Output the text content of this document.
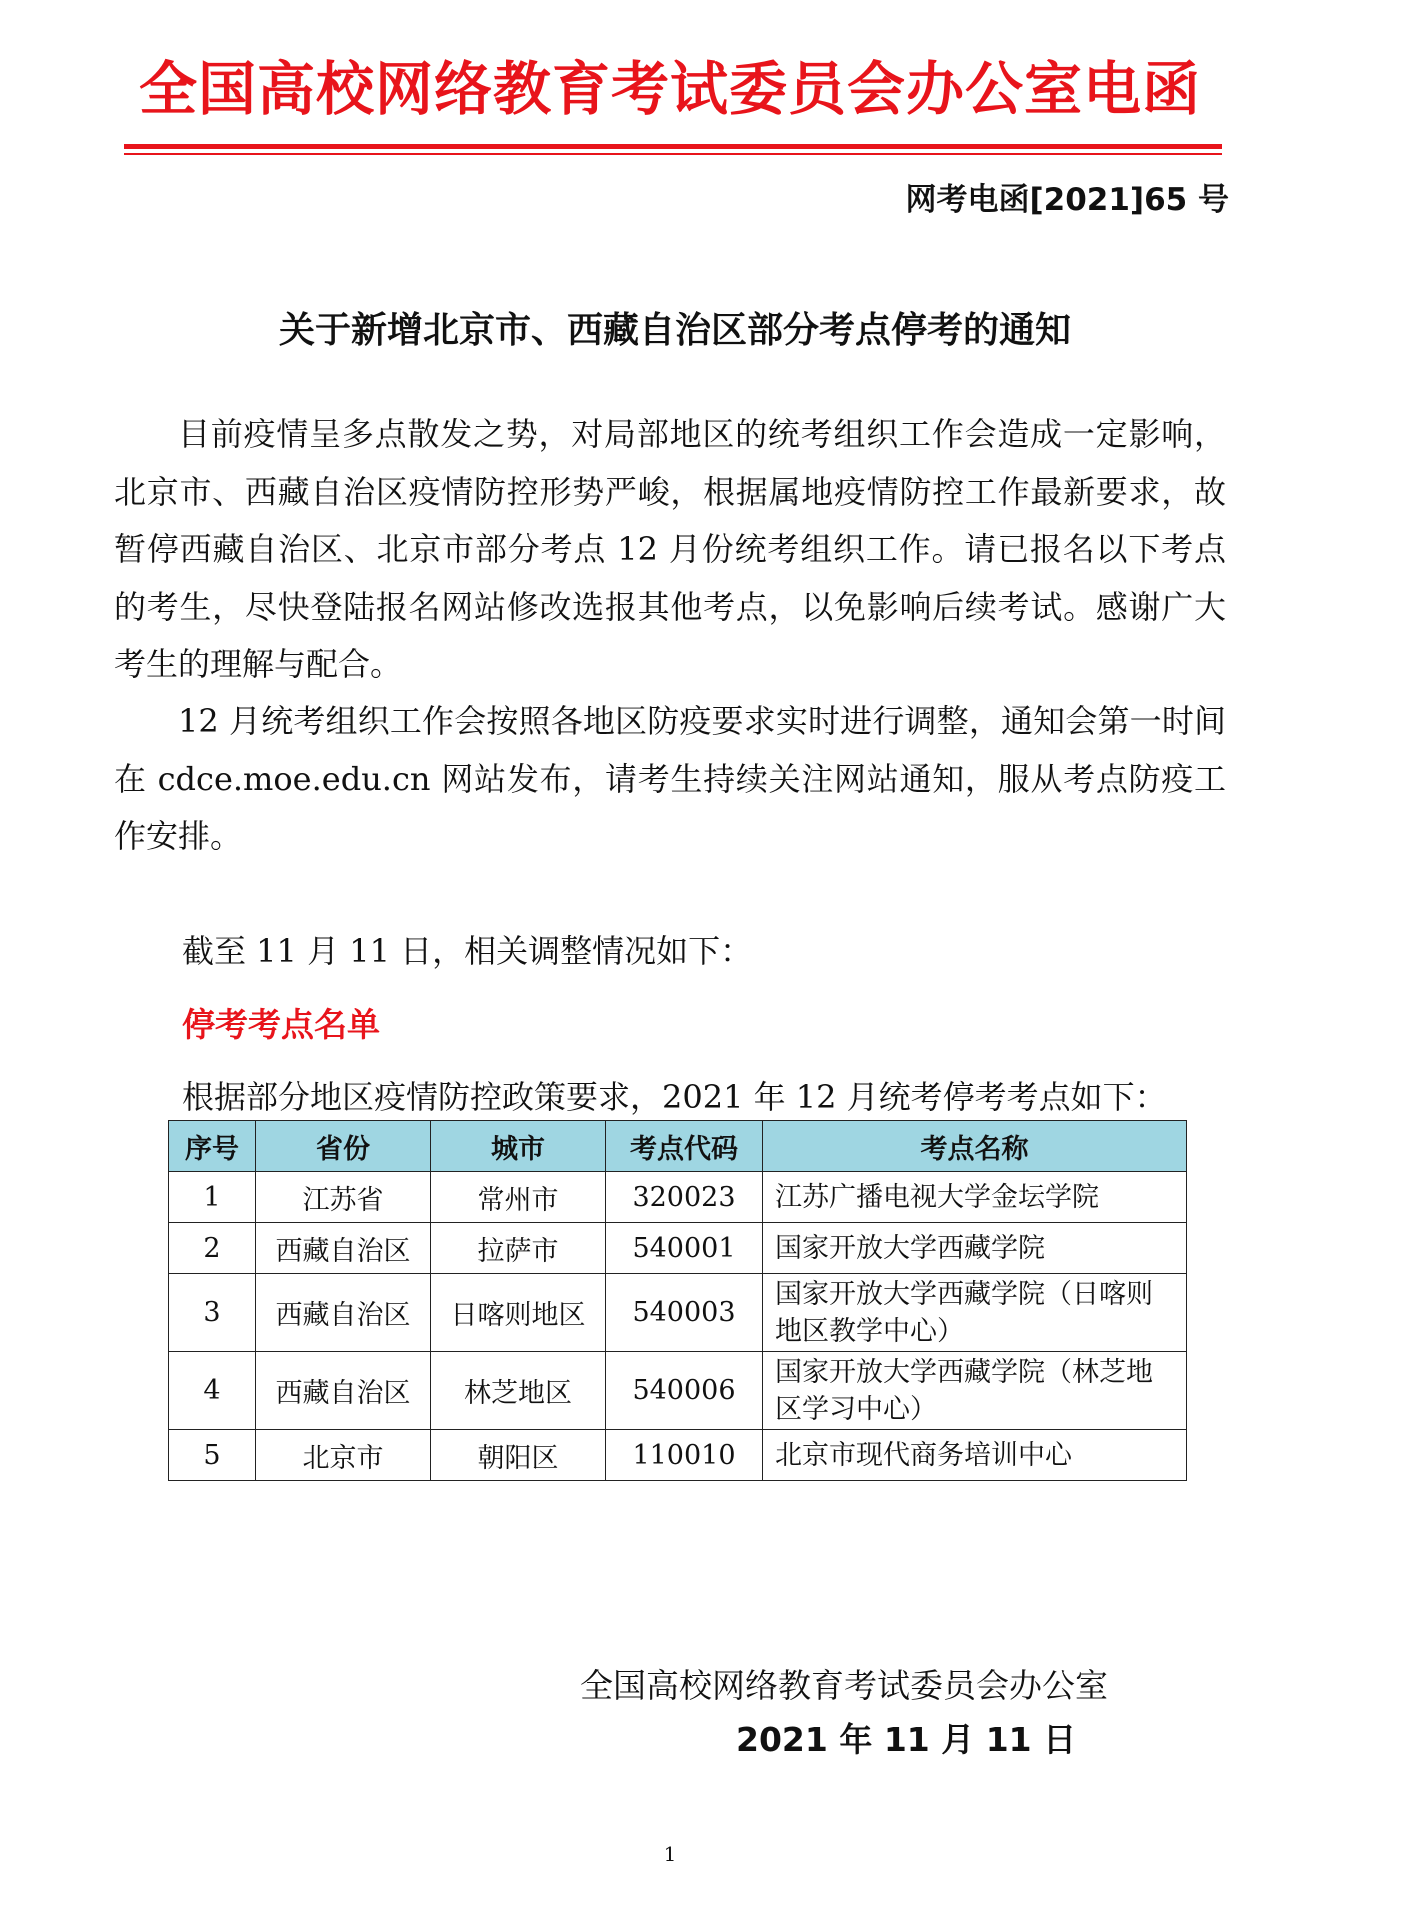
全国高校网络教育考试委员会办公室电函
网考电函[2021]65 号
关于新增北京市、西藏自治区部分考点停考的通知

目前疫情呈多点散发之势，对局部地区的统考组织工作会造成一定影响，北京市、西藏自治区疫情防控形势严峻，根据属地疫情防控工作最新要求，故暂停西藏自治区、北京市部分考点 12 月份统考组织工作。请已报名以下考点的考生，尽快登陆报名网站修改选报其他考点，以免影响后续考试。感谢广大考生的理解与配合。

12 月统考组织工作会按照各地区防疫要求实时进行调整，通知会第一时间在 cdce.moe.edu.cn 网站发布，请考生持续关注网站通知，服从考点防疫工作安排。

截至 11 月 11 日，相关调整情况如下：
停考考点名单
根据部分地区疫情防控政策要求，2021 年 12 月统考停考考点如下：
序号	省份	城市	考点代码	考点名称
1	江苏省	常州市	320023	江苏广播电视大学金坛学院
2	西藏自治区	拉萨市	540001	国家开放大学西藏学院
3	西藏自治区	日喀则地区	540003	国家开放大学西藏学院（日喀则地区教学中心）
4	西藏自治区	林芝地区	540006	国家开放大学西藏学院（林芝地区学习中心）
5	北京市	朝阳区	110010	北京市现代商务培训中心
全国高校网络教育考试委员会办公室
2021 年 11 月 11 日
1
